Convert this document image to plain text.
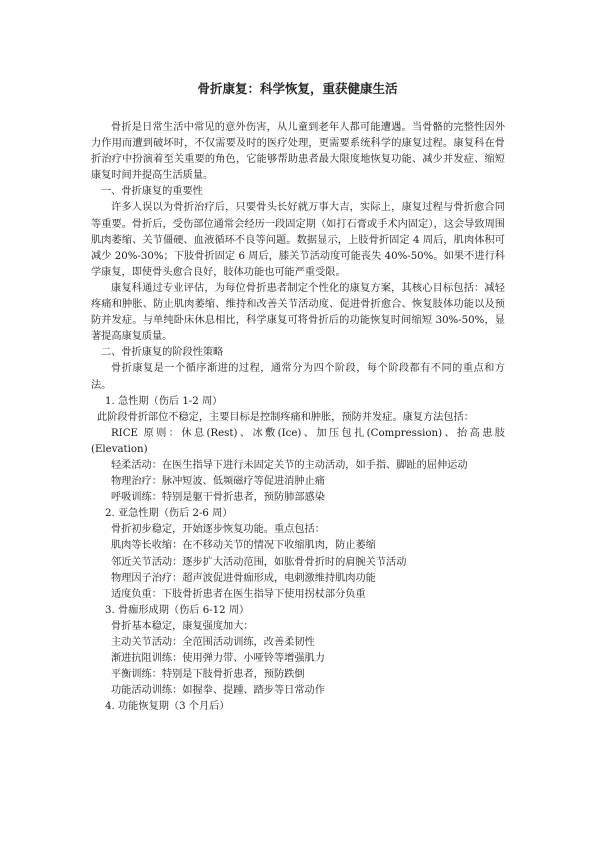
骨折康复：科学恢复，重获健康生活

骨折是日常生活中常见的意外伤害，从儿童到老年人都可能遭遇。当骨骼的完整性因外力作用而遭到破坏时，不仅需要及时的医疗处理，更需要系统科学的康复过程。康复科在骨折治疗中扮演着至关重要的角色，它能够帮助患者最大限度地恢复功能、减少并发症、缩短康复时间并提高生活质量。

一、骨折康复的重要性

许多人误以为骨折治疗后，只要骨头长好就万事大吉，实际上，康复过程与骨折愈合同等重要。骨折后，受伤部位通常会经历一段固定期（如打石膏或手术内固定），这会导致周围肌肉萎缩、关节僵硬、血液循环不良等问题。数据显示，上肢骨折固定 4 周后，肌肉体积可减少 20%-30%；下肢骨折固定 6 周后，膝关节活动度可能丧失 40%-50%。如果不进行科学康复，即使骨头愈合良好，肢体功能也可能严重受限。

康复科通过专业评估，为每位骨折患者制定个性化的康复方案，其核心目标包括：减轻疼痛和肿胀、防止肌肉萎缩、维持和改善关节活动度、促进骨折愈合、恢复肢体功能以及预防并发症。与单纯卧床休息相比，科学康复可将骨折后的功能恢复时间缩短 30%-50%，显著提高康复质量。

二、骨折康复的阶段性策略

骨折康复是一个循序渐进的过程，通常分为四个阶段，每个阶段都有不同的重点和方法。

1. 急性期（伤后 1-2 周）

此阶段骨折部位不稳定，主要目标是控制疼痛和肿胀，预防并发症。康复方法包括：

RICE 原则：休息(Rest)、冰敷(Ice)、加压包扎(Compression)、抬高患肢(Elevation)

轻柔活动：在医生指导下进行未固定关节的主动活动，如手指、脚趾的屈伸运动

物理治疗：脉冲短波、低频磁疗等促进消肿止痛

呼吸训练：特别是躯干骨折患者，预防肺部感染

2. 亚急性期（伤后 2-6 周）

骨折初步稳定，开始逐步恢复功能。重点包括：

肌肉等长收缩：在不移动关节的情况下收缩肌肉，防止萎缩

邻近关节活动：逐步扩大活动范围，如肱骨骨折时的肩腕关节活动

物理因子治疗：超声波促进骨痂形成，电刺激维持肌肉功能

适度负重：下肢骨折患者在医生指导下使用拐杖部分负重

3. 骨痂形成期（伤后 6-12 周）

骨折基本稳定，康复强度加大：

主动关节活动：全范围活动训练，改善柔韧性

渐进抗阻训练：使用弹力带、小哑铃等增强肌力

平衡训练：特别是下肢骨折患者，预防跌倒

功能活动训练：如握拳、提踵、踏步等日常动作

4. 功能恢复期（3 个月后）
